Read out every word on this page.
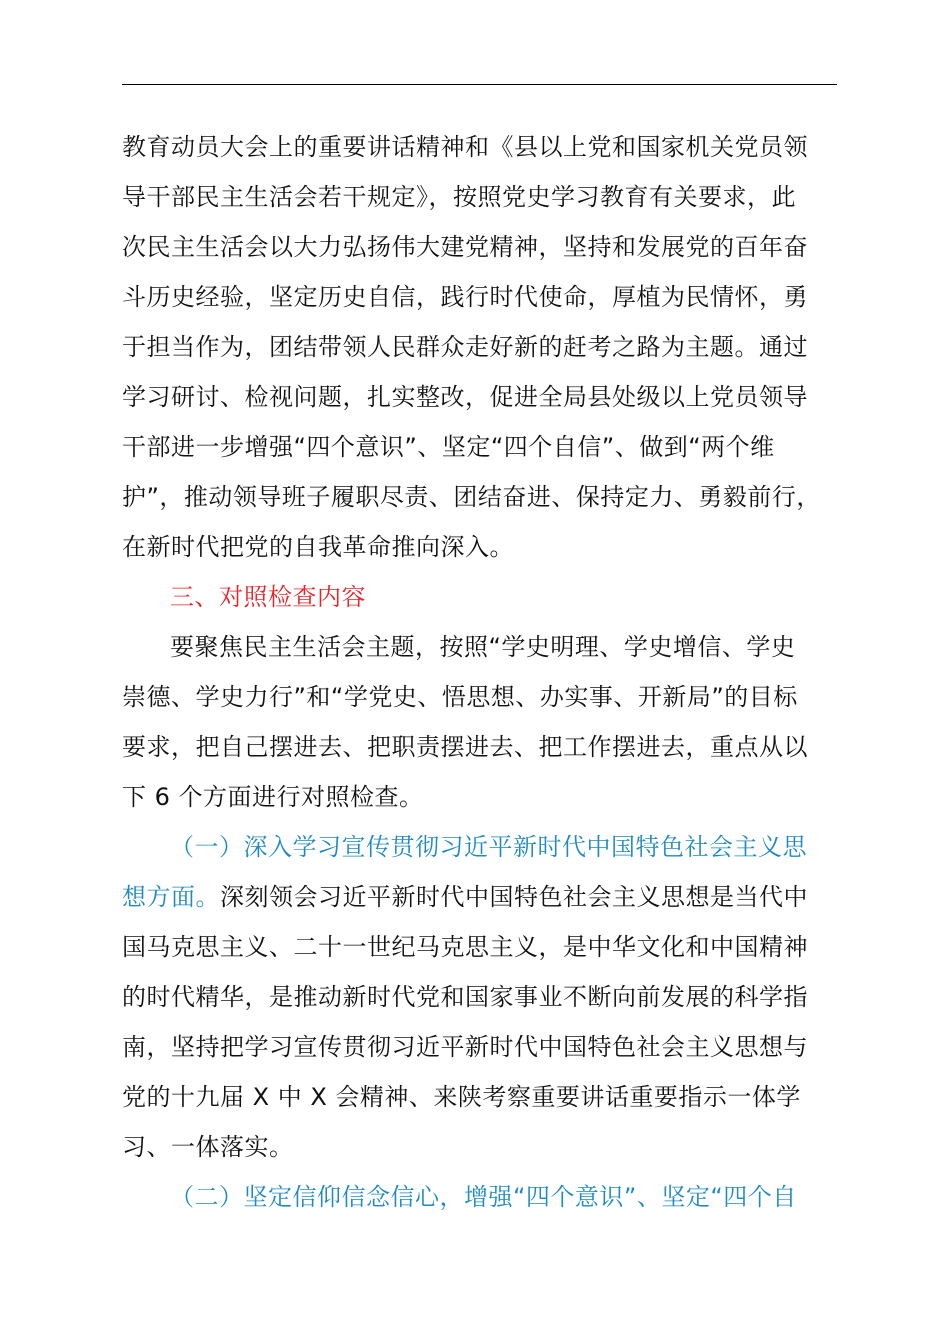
教育动员大会上的重要讲话精神和《县以上党和国家机关党员领
导干部民主生活会若干规定》，按照党史学习教育有关要求，此
次民主生活会以大力弘扬伟大建党精神，坚持和发展党的百年奋
斗历史经验，坚定历史自信，践行时代使命，厚植为民情怀，勇
于担当作为，团结带领人民群众走好新的赶考之路为主题。通过
学习研讨、检视问题，扎实整改，促进全局县处级以上党员领导
干部进一步增强“四个意识”、坚定“四个自信”、做到“两个维
护”，推动领导班子履职尽责、团结奋进、保持定力、勇毅前行，
在新时代把党的自我革命推向深入。
三、对照检查内容
要聚焦民主生活会主题，按照“学史明理、学史增信、学史
崇德、学史力行”和“学党史、悟思想、办实事、开新局”的目标
要求，把自己摆进去、把职责摆进去、把工作摆进去，重点从以
下 6 个方面进行对照检查。
（一）深入学习宣传贯彻习近平新时代中国特色社会主义思
想方面。深刻领会习近平新时代中国特色社会主义思想是当代中
国马克思主义、二十一世纪马克思主义，是中华文化和中国精神
的时代精华，是推动新时代党和国家事业不断向前发展的科学指
南，坚持把学习宣传贯彻习近平新时代中国特色社会主义思想与
党的十九届 X 中 X 会精神、来陕考察重要讲话重要指示一体学
习、一体落实。
（二）坚定信仰信念信心，增强“四个意识”、坚定“四个自
